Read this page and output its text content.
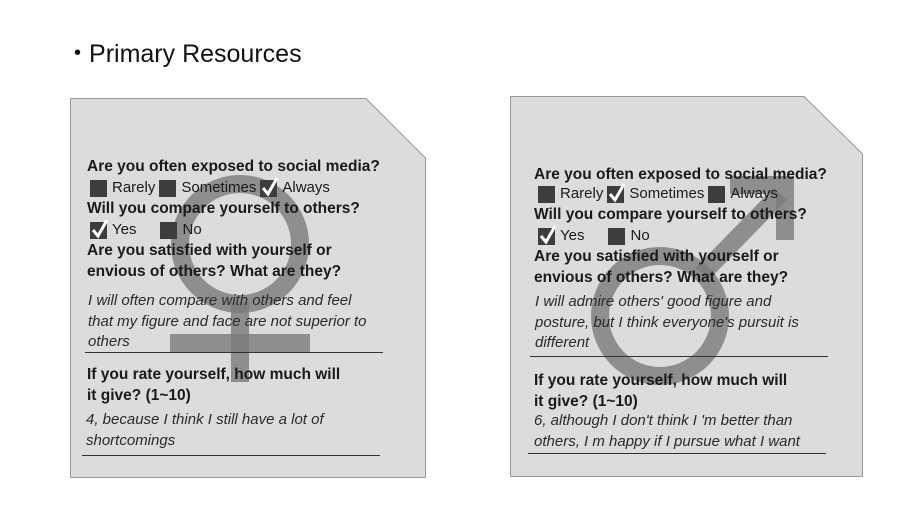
• Primary Resources
Are you often exposed to social media?
Rarely Sometimes Always
Will you compare yourself to others?
Yes	No
Are you satisfied with yourself or
envious of others? What are they?
I will often compare with others and feel
that my figure and face are not superior to
others
If you rate yourself, how much will
it give? (1~10)
4, because I think I still have a lot of
shortcomings
Are you often exposed to social media?
Rarely Sometimes Always
Will you compare yourself to others?
Yes	No
Are you satisfied with yourself or
envious of others? What are they?
I will admire others' good figure and
posture, but I think everyone's pursuit is
different
If you rate yourself, how much will
it give? (1~10)
6, although I don't think I 'm better than
others, I m happy if I pursue what I want
